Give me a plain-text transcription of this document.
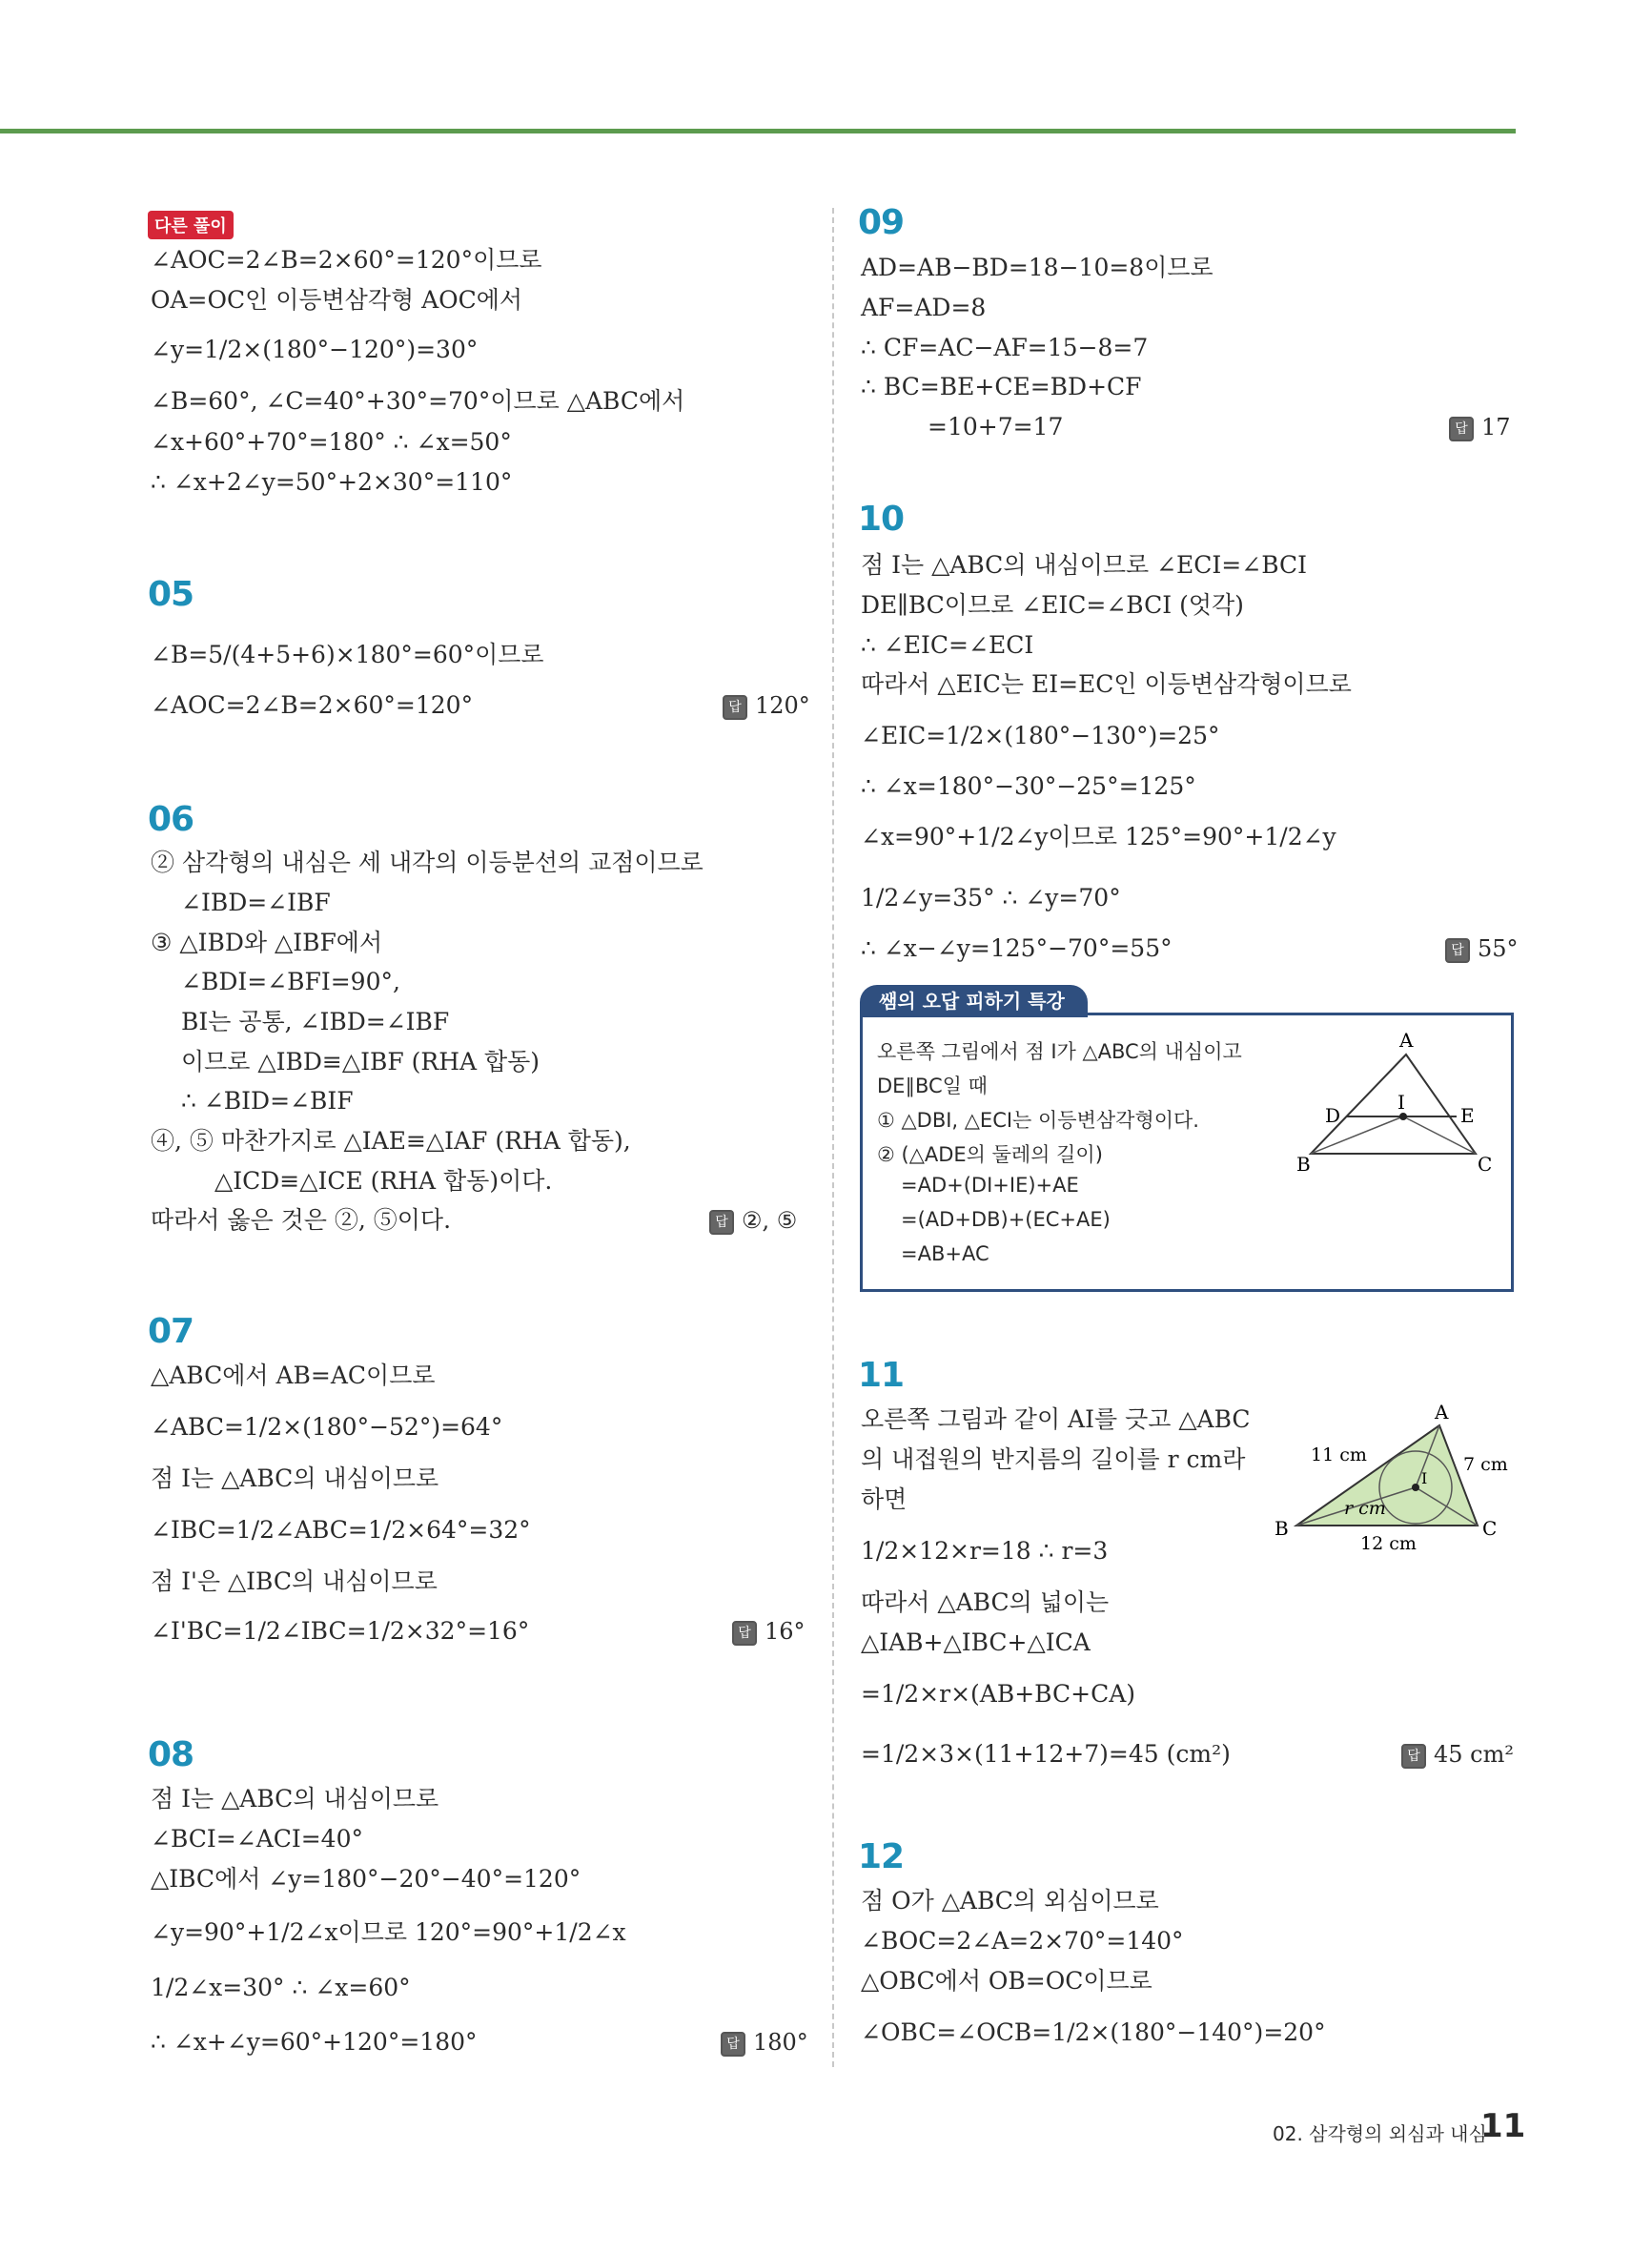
다른 풀이
∠AOC=2∠B=2×60°=120°이므로
OA=OC인 이등변삼각형 AOC에서
∠y=1/2×(180°−120°)=30°
∠B=60°, ∠C=40°+30°=70°이므로 △ABC에서
∠x+60°+70°=180° ∴ ∠x=50°
∴ ∠x+2∠y=50°+2×30°=110°
05
∠B=5/(4+5+6)×180°=60°이므로
∠AOC=2∠B=2×60°=120°	답 120°
06
② 삼각형의 내심은 세 내각의 이등분선의 교점이므로
∠IBD=∠IBF
③ △IBD와 △IBF에서
∠BDI=∠BFI=90°,
BI는 공통, ∠IBD=∠IBF
이므로 △IBD≡△IBF (RHA 합동)
∴ ∠BID=∠BIF
④, ⑤ 마찬가지로 △IAE≡△IAF (RHA 합동),
△ICD≡△ICE (RHA 합동)이다.
따라서 옳은 것은 ②, ⑤이다.	답 ②, ⑤
07
△ABC에서 AB=AC이므로
∠ABC=1/2×(180°−52°)=64°
점 I는 △ABC의 내심이므로
∠IBC=1/2∠ABC=1/2×64°=32°
점 I'은 △IBC의 내심이므로
∠I'BC=1/2∠IBC=1/2×32°=16°	답 16°
08
점 I는 △ABC의 내심이므로
∠BCI=∠ACI=40°
△IBC에서 ∠y=180°−20°−40°=120°
∠y=90°+1/2∠x이므로 120°=90°+1/2∠x
1/2∠x=30° ∴ ∠x=60°
∴ ∠x+∠y=60°+120°=180°	답 180°
09
AD=AB−BD=18−10=8이므로
AF=AD=8
∴ CF=AC−AF=15−8=7
∴ BC=BE+CE=BD+CF
=10+7=17	답 17
10
점 I는 △ABC의 내심이므로 ∠ECI=∠BCI
DE∥BC이므로 ∠EIC=∠BCI (엇각)
∴ ∠EIC=∠ECI
따라서 △EIC는 EI=EC인 이등변삼각형이므로
∠EIC=1/2×(180°−130°)=25°
∴ ∠x=180°−30°−25°=125°
∠x=90°+1/2∠y이므로 125°=90°+1/2∠y
1/2∠y=35° ∴ ∠y=70°
∴ ∠x−∠y=125°−70°=55°	답 55°
쌤의 오답 피하기 특강
오른쪽 그림에서 점 I가 △ABC의 내심이고
DE∥BC일 때
① △DBI, △ECI는 이등변삼각형이다.
② (△ADE의 둘레의 길이)
=AD+(DI+IE)+AE
=(AD+DB)+(EC+AE)
=AB+AC
A
D
I
E
B	C
11
오른쪽 그림과 같이 AI를 긋고 △ABC
의 내접원의 반지름의 길이를 r cm라
하면
1/2×12×r=18 ∴ r=3
따라서 △ABC의 넓이는
△IAB+△IBC+△ICA
=1/2×r×(AB+BC+CA)
=1/2×3×(11+12+7)=45 (cm²)	답 45 cm²
A
B	C
11 cm	7 cm
12 cm
r cm
I
12
점 O가 △ABC의 외심이므로
∠BOC=2∠A=2×70°=140°
△OBC에서 OB=OC이므로
∠OBC=∠OCB=1/2×(180°−140°)=20°
02. 삼각형의 외심과 내심
11
